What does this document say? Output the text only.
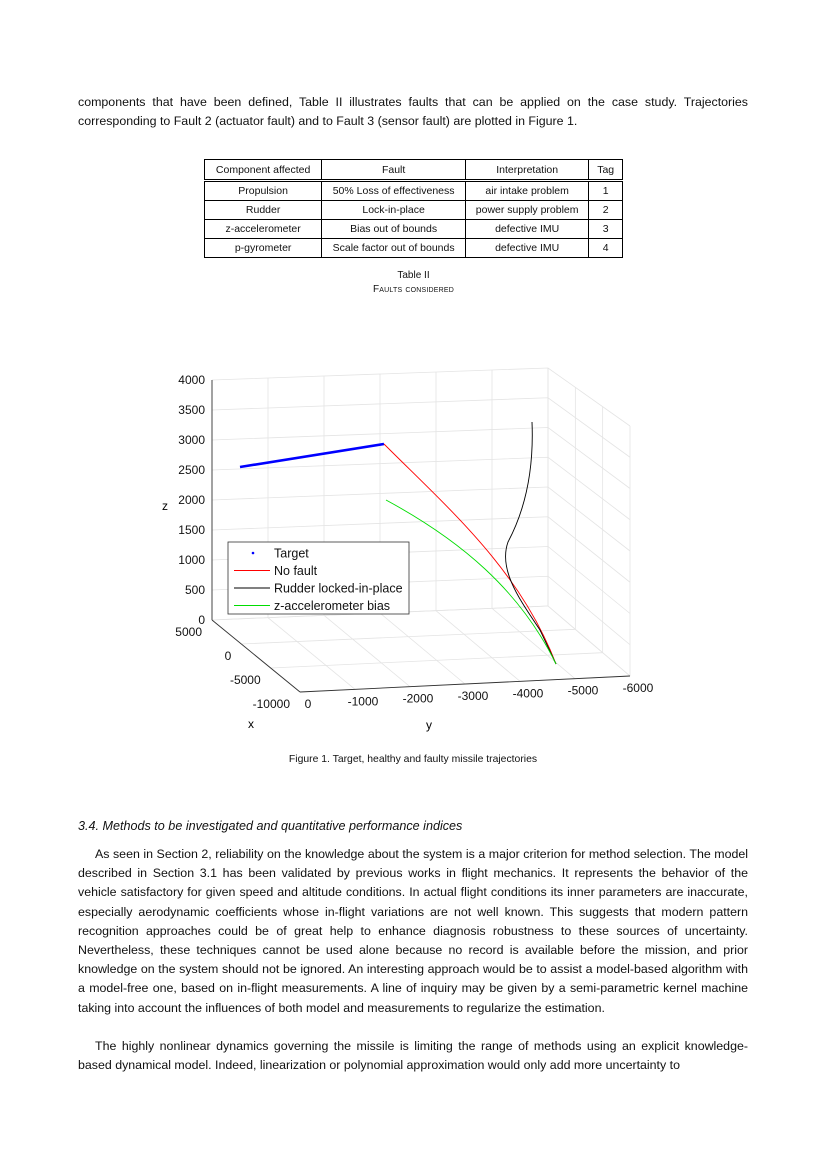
components that have been defined, Table II illustrates faults that can be applied on the case study. Trajectories corresponding to Fault 2 (actuator fault) and to Fault 3 (sensor fault) are plotted in Figure 1.

Component affected	Fault	Interpretation	Tag
Propulsion	50% Loss of effectiveness	air intake problem	1
Rudder	Lock-in-place	power supply problem	2
z-accelerometer	Bias out of bounds	defective IMU	3
p-gyrometer	Scale factor out of bounds	defective IMU	4
Table II
Faults considered
0
500
1000
1500
2000
2500
3000
3500
4000
0	-1000 -2000 -3000 -4000 -5000 -6000
5000
0
-5000
-10000
Target
No fault
Rudder locked-in-place
z-accelerometer bias
x	y
z
Figure 1. Target, healthy and faulty missile trajectories
3.4. Methods to be investigated and quantitative performance indices

As seen in Section 2, reliability on the knowledge about the system is a major criterion for method selection. The model described in Section 3.1 has been validated by previous works in flight mechanics. It represents the behavior of the vehicle satisfactory for given speed and altitude conditions. In actual flight conditions its inner parameters are inaccurate, especially aerodynamic coefficients whose in-flight variations are not well known. This suggests that modern pattern recognition approaches could be of great help to enhance diagnosis robustness to these sources of uncertainty. Nevertheless, these techniques cannot be used alone because no record is available before the mission, and prior knowledge on the system should not be ignored. An interesting approach would be to assist a model-based algorithm with a model-free one, based on in-flight measurements. A line of inquiry may be given by a semi-parametric kernel machine taking into account the influences of both model and measurements to regularize the estimation.

The highly nonlinear dynamics governing the missile is limiting the range of methods using an explicit knowledge-based dynamical model. Indeed, linearization or polynomial approximation would only add more uncertainty to
